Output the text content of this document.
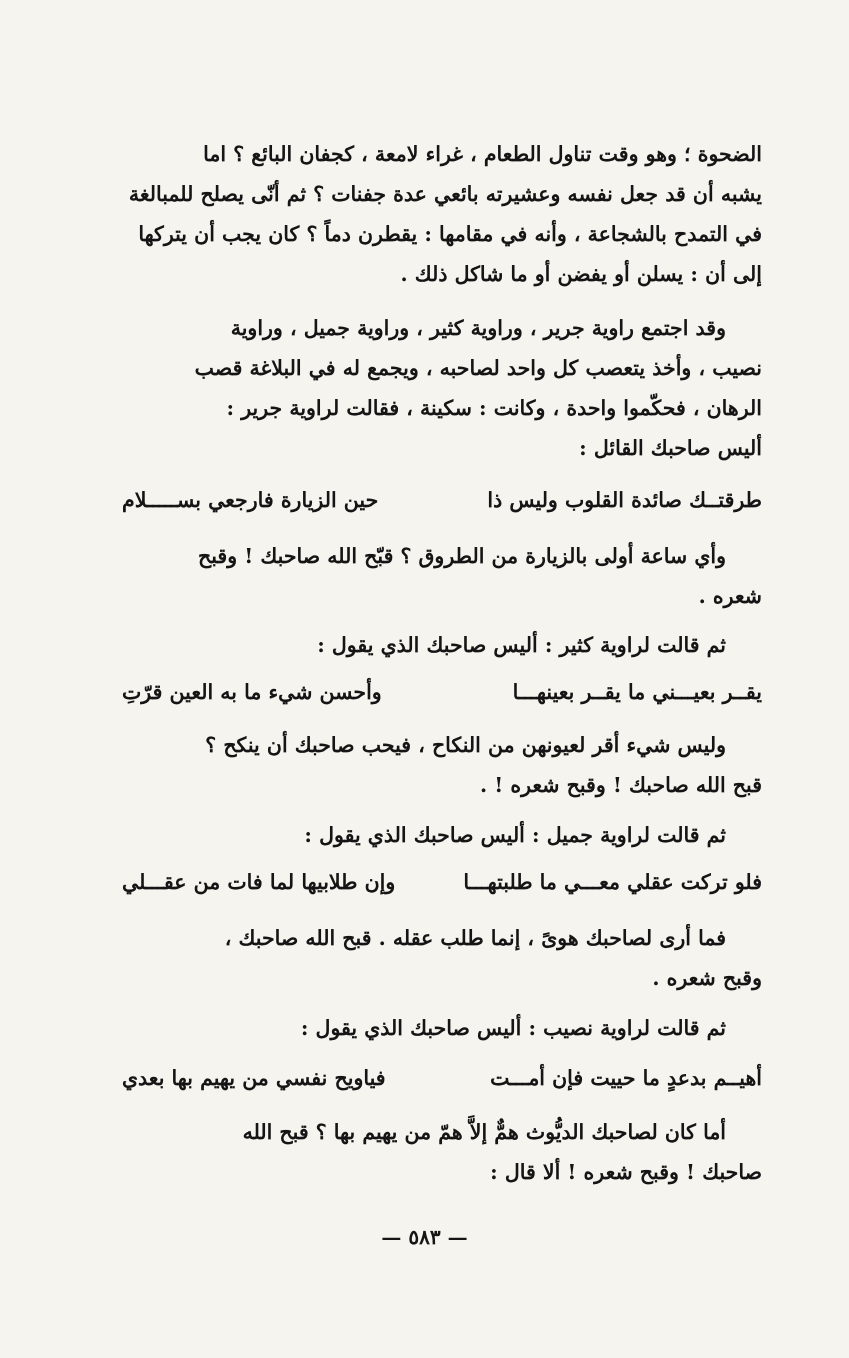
الضحوة ؛ وهو وقت تناول الطعام ، غراء لامعة ، كجفان البائع ؟ اما
يشبه أن قد جعل نفسه وعشيرته بائعي عدة جفنات ؟ ثم أنّى يصلح للمبالغة
في التمدح بالشجاعة ، وأنه في مقامها : يقطرن دماً ؟ كان يجب أن يتركها
إلى أن : يسلن أو يفضن أو ما شاكل ذلك .
وقد اجتمع راوية جرير ، وراوية كثير ، وراوية جميل ، وراوية
نصيب ، وأخذ يتعصب كل واحد لصاحبه ، ويجمع له في البلاغة قصب
الرهان ، فحكّموا واحدة ، وكانت : سكينة ، فقالت لراوية جرير :
أليس صاحبك القائل :
طرقتــك صائدة القلوب وليس ذا
حين الزيارة فارجعي بســـــلام
وأي ساعة أولى بالزيارة من الطروق ؟ قبّح الله صاحبك ! وقبح
شعره .
ثم قالت لراوية كثير : أليس صاحبك الذي يقول :
يقــر بعيـــني ما يقــر بعينهـــا
وأحسن شيء ما به العين قرّتِ
وليس شيء أقر لعيونهن من النكاح ، فيحب صاحبك أن ينكح ؟
قبح الله صاحبك ! وقبح شعره ! .
ثم قالت لراوية جميل : أليس صاحبك الذي يقول :
فلو تركت عقلي معـــي ما طلبتهـــا
وإن طلابيها لما فات من عقـــلي
فما أرى لصاحبك هوىً ، إنما طلب عقله . قبح الله صاحبك ،
وقبح شعره .
ثم قالت لراوية نصيب : أليس صاحبك الذي يقول :
أهيــم بدعدٍ ما حييت فإن أمـــت
فياويح نفسي من يهيم بها بعدي
أما كان لصاحبك الديُّوث همٌّ إلاَّ همّ من يهيم بها ؟ قبح الله
صاحبك ! وقبح شعره ! ألا قال :
— ٥٨٣ —
